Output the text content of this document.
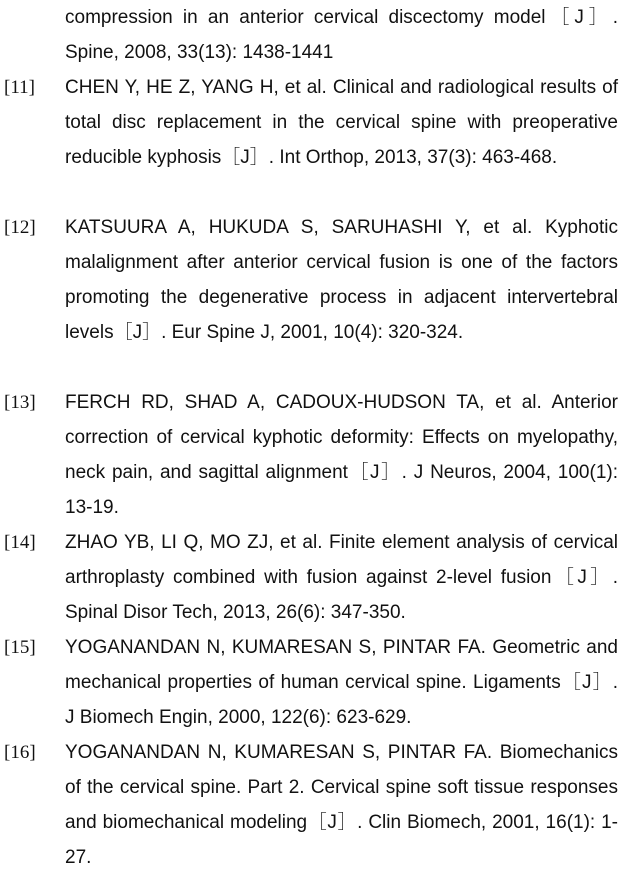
compression in an anterior cervical discectomy model［J］. Spine, 2008, 33(13): 1438-1441
[11] CHEN Y, HE Z, YANG H, et al. Clinical and radiological results of total disc replacement in the cervical spine with preoperative reducible kyphosis［J］. Int Orthop, 2013, 37(3): 463-468.
[12] KATSUURA A, HUKUDA S, SARUHASHI Y, et al. Kyphotic malalignment after anterior cervical fusion is one of the factors promoting the degenerative process in adjacent intervertebral levels［J］. Eur Spine J, 2001, 10(4): 320-324.
[13] FERCH RD, SHAD A, CADOUX-HUDSON TA, et al. Anterior correction of cervical kyphotic deformity: Effects on myelopathy, neck pain, and sagittal alignment［J］. J Neuros, 2004, 100(1): 13-19.
[14] ZHAO YB, LI Q, MO ZJ, et al. Finite element analysis of cervical arthroplasty combined with fusion against 2-level fusion［J］. Spinal Disor Tech, 2013, 26(6): 347-350.
[15] YOGANANDAN N, KUMARESAN S, PINTAR FA. Geometric and mechanical properties of human cervical spine. Ligaments［J］. J Biomech Engin, 2000, 122(6): 623-629.
[16] YOGANANDAN N, KUMARESAN S, PINTAR FA. Biomechanics of the cervical spine. Part 2. Cervical spine soft tissue responses and biomechanical modeling［J］. Clin Biomech, 2001, 16(1): 1-27.
